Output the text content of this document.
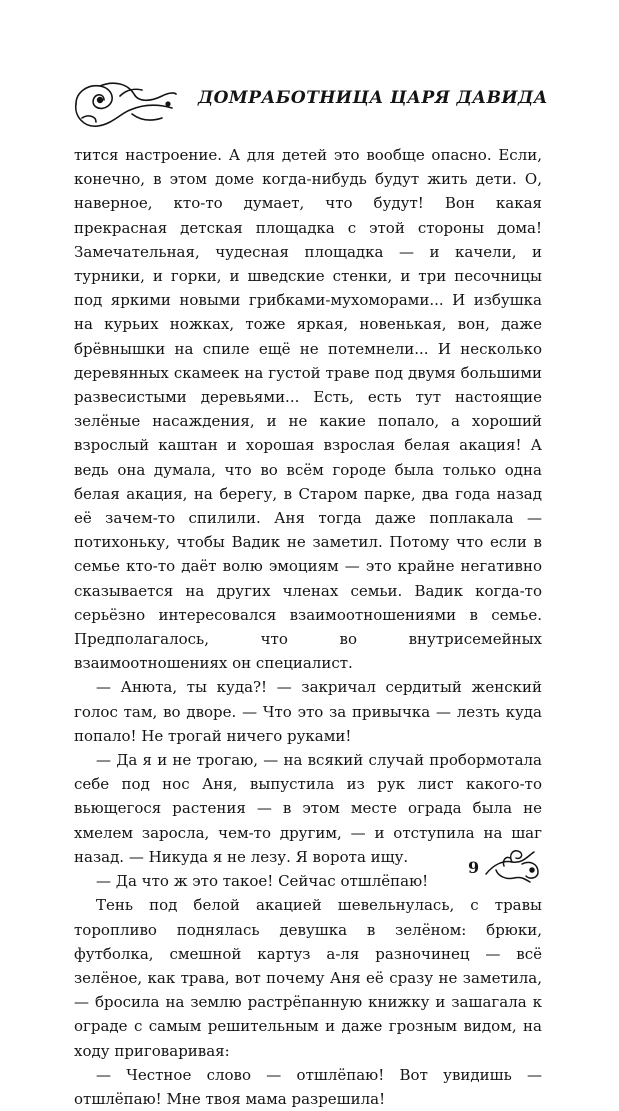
ДОМРАБОТНИЦА ЦАРЯ ДАВИДА

тится настроение. А для детей это вообще опасно. Если, конечно, в этом доме когда-нибудь будут жить дети. О, наверное, кто-то думает, что будут! Вон какая прекрасная детская площадка с этой стороны дома! Замечательная, чудесная площадка — и качели, и турники, и горки, и шведские стенки, и три песочницы под яркими новыми грибками-мухоморами... И избушка на курьих ножках, тоже яркая, новенькая, вон, даже брёвнышки на спиле ещё не потемнели... И несколько деревянных скамеек на густой траве под двумя большими развесистыми деревьями... Есть, есть тут настоящие зелёные насаждения, и не какие попало, а хороший взрослый каштан и хорошая взрослая белая акация! А ведь она думала, что во всём городе была только одна белая акация, на берегу, в Старом парке, два года назад её зачем-то спилили. Аня тогда даже поплакала — потихоньку, чтобы Вадик не заметил. Потому что если в семье кто-то даёт волю эмоциям — это крайне негативно сказывается на других членах семьи. Вадик когда-то серьёзно интересовался взаимоотношениями в семье. Предполагалось, что во внутрисемейных взаимоотношениях он специалист.

— Анюта, ты куда?! — закричал сердитый женский голос там, во дворе. — Что это за привычка — лезть куда попало! Не трогай ничего руками!

— Да я и не трогаю, — на всякий случай пробормотала себе под нос Аня, выпустила из рук лист какого-то вьющегося растения — в этом месте ограда была не хмелем заросла, чем-то другим, — и отступила на шаг назад. — Никуда я не лезу. Я ворота ищу.

— Да что ж это такое! Сейчас отшлёпаю!

Тень под белой акацией шевельнулась, с травы торопливо поднялась девушка в зелёном: брюки, футболка, смешной картуз а-ля разночинец — всё зелёное, как трава, вот почему Аня её сразу не заметила, — бросила на землю растрёпанную книжку и зашагала к ограде с самым решительным и даже грозным видом, на ходу приговаривая:

— Честное слово — отшлёпаю! Вот увидишь — отшлёпаю! Мне твоя мама разрешила!

9
